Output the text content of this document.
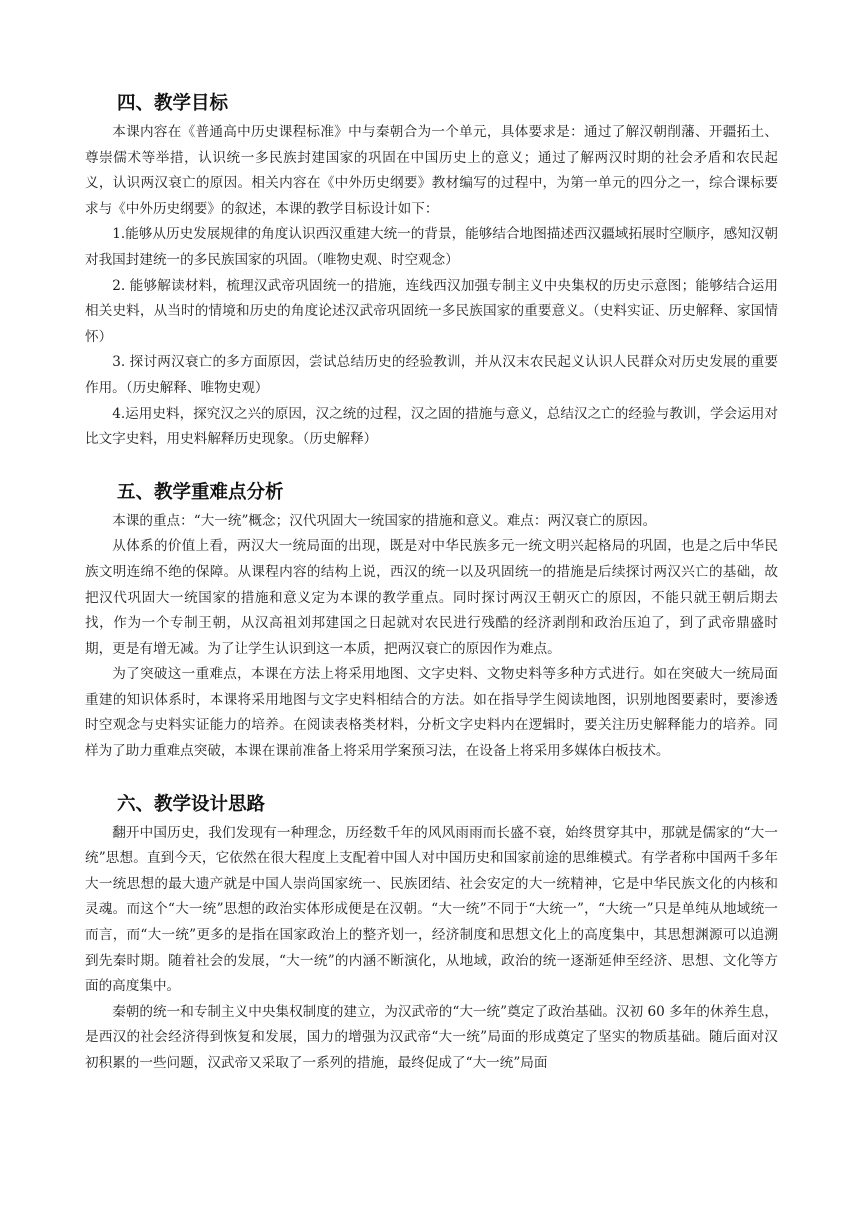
四、教学目标

本课内容在《普通高中历史课程标准》中与秦朝合为一个单元，具体要求是：通过了解汉朝削藩、开疆拓土、尊崇儒术等举措，认识统一多民族封建国家的巩固在中国历史上的意义；通过了解两汉时期的社会矛盾和农民起义，认识两汉衰亡的原因。相关内容在《中外历史纲要》教材编写的过程中，为第一单元的四分之一，综合课标要求与《中外历史纲要》的叙述，本课的教学目标设计如下：

1.能够从历史发展规律的角度认识西汉重建大统一的背景，能够结合地图描述西汉疆域拓展时空顺序，感知汉朝对我国封建统一的多民族国家的巩固。（唯物史观、时空观念）

2. 能够解读材料，梳理汉武帝巩固统一的措施，连线西汉加强专制主义中央集权的历史示意图；能够结合运用相关史料，从当时的情境和历史的角度论述汉武帝巩固统一多民族国家的重要意义。（史料实证、历史解释、家国情怀）

3. 探讨两汉衰亡的多方面原因，尝试总结历史的经验教训，并从汉末农民起义认识人民群众对历史发展的重要作用。（历史解释、唯物史观）

4.运用史料，探究汉之兴的原因，汉之统的过程，汉之固的措施与意义，总结汉之亡的经验与教训，学会运用对比文字史料，用史料解释历史现象。（历史解释）

五、教学重难点分析

本课的重点：“大一统”概念；汉代巩固大一统国家的措施和意义。难点：两汉衰亡的原因。

从体系的价值上看，两汉大一统局面的出现，既是对中华民族多元一统文明兴起格局的巩固，也是之后中华民族文明连绵不绝的保障。从课程内容的结构上说，西汉的统一以及巩固统一的措施是后续探讨两汉兴亡的基础，故把汉代巩固大一统国家的措施和意义定为本课的教学重点。同时探讨两汉王朝灭亡的原因，不能只就王朝后期去找，作为一个专制王朝，从汉高祖刘邦建国之日起就对农民进行残酷的经济剥削和政治压迫了，到了武帝鼎盛时期，更是有增无减。为了让学生认识到这一本质，把两汉衰亡的原因作为难点。

为了突破这一重难点，本课在方法上将采用地图、文字史料、文物史料等多种方式进行。如在突破大一统局面重建的知识体系时，本课将采用地图与文字史料相结合的方法。如在指导学生阅读地图，识别地图要素时，要渗透时空观念与史料实证能力的培养。在阅读表格类材料，分析文字史料内在逻辑时，要关注历史解释能力的培养。同样为了助力重难点突破，本课在课前准备上将采用学案预习法，在设备上将采用多媒体白板技术。

六、教学设计思路

翻开中国历史，我们发现有一种理念，历经数千年的风风雨雨而长盛不衰，始终贯穿其中，那就是儒家的“大一统”思想。直到今天，它依然在很大程度上支配着中国人对中国历史和国家前途的思维模式。有学者称中国两千多年大一统思想的最大遗产就是中国人崇尚国家统一、民族团结、社会安定的大一统精神，它是中华民族文化的内核和灵魂。而这个“大一统”思想的政治实体形成便是在汉朝。“大一统”不同于“大统一”，“大统一”只是单纯从地域统一而言，而“大一统”更多的是指在国家政治上的整齐划一，经济制度和思想文化上的高度集中，其思想渊源可以追溯到先秦时期。随着社会的发展，“大一统”的内涵不断演化，从地域，政治的统一逐渐延伸至经济、思想、文化等方面的高度集中。

秦朝的统一和专制主义中央集权制度的建立，为汉武帝的“大一统”奠定了政治基础。汉初 60 多年的休养生息，是西汉的社会经济得到恢复和发展，国力的增强为汉武帝“大一统”局面的形成奠定了坚实的物质基础。随后面对汉初积累的一些问题，汉武帝又采取了一系列的措施，最终促成了“大一统”局面
